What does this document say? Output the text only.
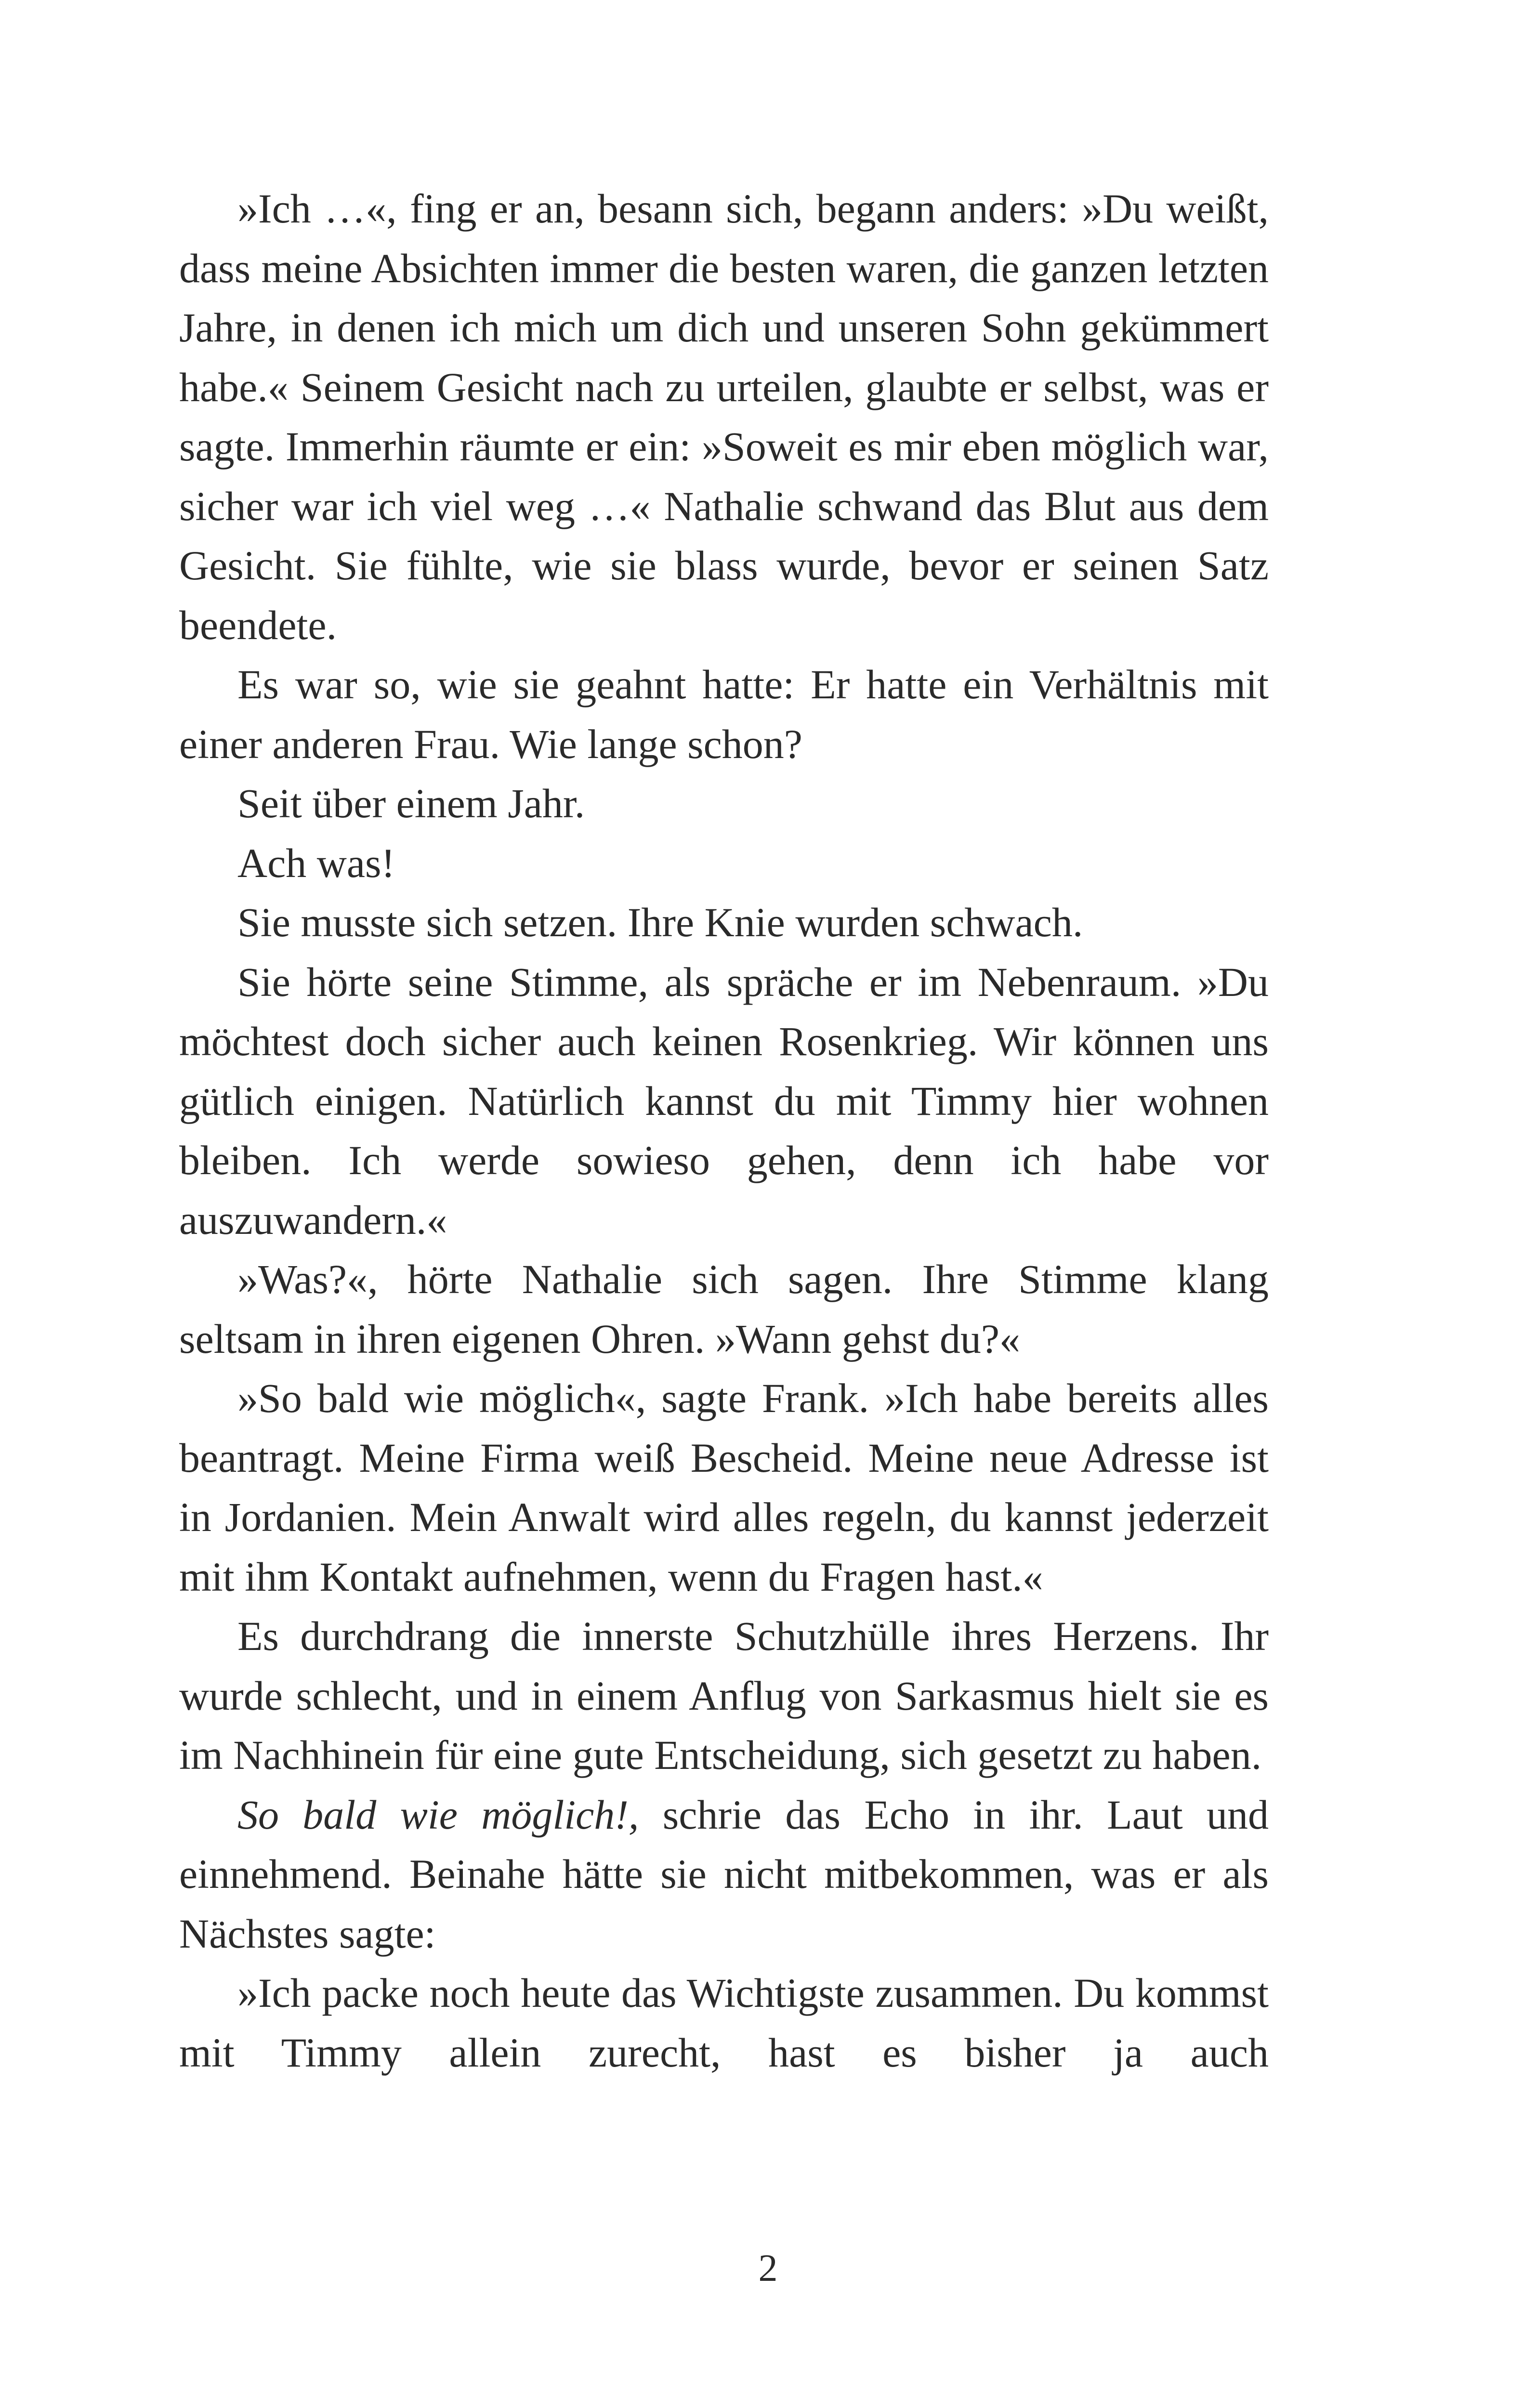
»Ich …«, fing er an, besann sich, begann anders: »Du weißt, dass meine Absichten immer die besten waren, die ganzen letzten Jahre, in denen ich mich um dich und unseren Sohn gekümmert habe.« Seinem Gesicht nach zu urteilen, glaubte er selbst, was er sagte. Immerhin räumte er ein: »Soweit es mir eben möglich war, sicher war ich viel weg …« Nathalie schwand das Blut aus dem Gesicht. Sie fühlte, wie sie blass wurde, bevor er seinen Satz beendete.

Es war so, wie sie geahnt hatte: Er hatte ein Verhältnis mit einer anderen Frau. Wie lange schon?

Seit über einem Jahr.

Ach was!

Sie musste sich setzen. Ihre Knie wurden schwach.

Sie hörte seine Stimme, als spräche er im Nebenraum. »Du möchtest doch sicher auch keinen Rosenkrieg. Wir können uns gütlich einigen. Natürlich kannst du mit Timmy hier wohnen bleiben. Ich werde sowieso gehen, denn ich habe vor auszuwandern.«

»Was?«, hörte Nathalie sich sagen. Ihre Stimme klang seltsam in ihren eigenen Ohren. »Wann gehst du?«

»So bald wie möglich«, sagte Frank. »Ich habe bereits alles beantragt. Meine Firma weiß Bescheid. Meine neue Adresse ist in Jordanien. Mein Anwalt wird alles regeln, du kannst jederzeit mit ihm Kontakt aufnehmen, wenn du Fragen hast.«

Es durchdrang die innerste Schutzhülle ihres Herzens. Ihr wurde schlecht, und in einem Anflug von Sarkasmus hielt sie es im Nachhinein für eine gute Entscheidung, sich gesetzt zu haben.

So bald wie möglich!, schrie das Echo in ihr. Laut und einnehmend. Beinahe hätte sie nicht mitbekommen, was er als Nächstes sagte:

»Ich packe noch heute das Wichtigste zusammen. Du kommst mit Timmy allein zurecht, hast es bisher ja auch

2
